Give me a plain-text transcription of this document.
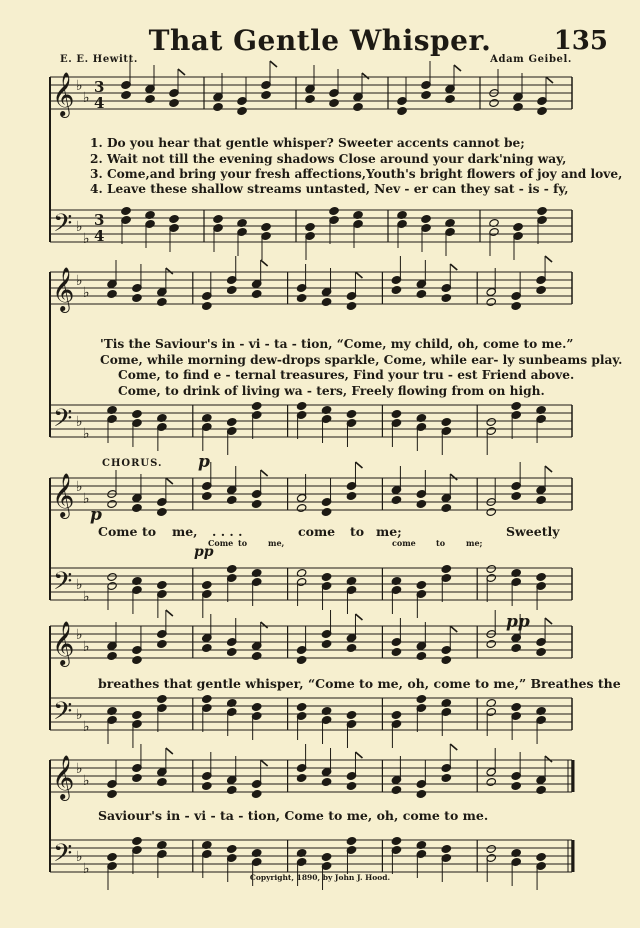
That Gentle Whisper.	135
E. E. Hewitt.	Adam Geibel.
𝄞
𝄢
♭
♭
♭
♭
3
4
3
4
𝄞
𝄢
♭
♭
♭
♭
𝄞
𝄢
♭
♭
♭
♭
𝄞
𝄢
♭
♭
♭
♭
𝄞
𝄢
♭
♭
♭
♭
1. Do you hear that gentle whisper? Sweeter accents cannot be;
2. Wait not till the evening shadows Close around your dark'ning way,
3. Come,and bring your fresh affections,Youth's bright flowers of joy and love,
4. Leave these shallow streams untasted, Nev - er can they sat - is - fy,
'Tis the Saviour's in - vi - ta - tion, “Come, my child, oh, come to me.”
Come, while morning dew-drops sparkle, Come, while ear- ly sunbeams play.
Come, to find e - ternal treasures, Find your tru - est Friend above.
Come, to drink of living wa - ters, Freely flowing from on high.
CHORUS. p
p
pp
pp
Come to me, . . . .	come to me;	Sweetly
Come to	me,	come	to	me;
breathes that gentle whisper, “Come to me, oh, come to me,” Breathes the
Saviour's in - vi - ta - tion, Come to me, oh, come to me.
Copyright, 1890, by John J. Hood.
